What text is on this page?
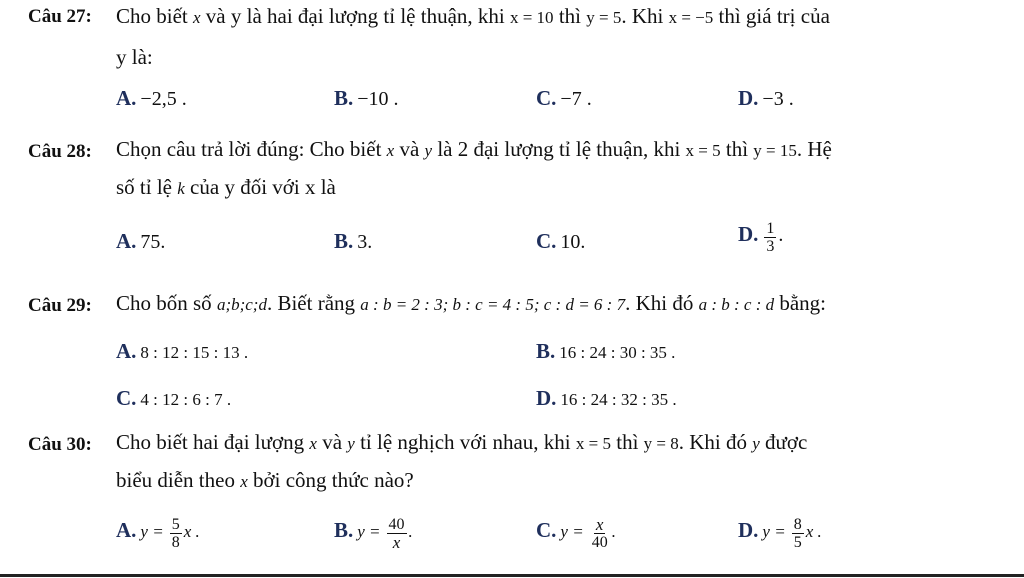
Câu 27: Cho biết x và y là hai đại lượng tỉ lệ thuận, khi x = 10 thì y = 5. Khi x = −5 thì giá trị của
y là:
A. −2,5 .	B. −10 .	C. −7 .	D. −3 .
Câu 28: Chọn câu trả lời đúng: Cho biết x và y là 2 đại lượng tỉ lệ thuận, khi x = 5 thì y = 15. Hệ
số tỉ lệ k của y đối với x là
A. 75.	B. 3.	C. 10.	D. $\frac{1}{3}$ .
Câu 29: Cho bốn số a;b;c;d. Biết rằng a : b = 2 : 3; b : c = 4 : 5; c : d = 6 : 7. Khi đó a : b : c : d bằng:
A. 8 : 12 : 15 : 13 .	B. 16 : 24 : 30 : 35 .
C. 4 : 12 : 6 : 7 .	D. 16 : 24 : 32 : 35 .
Câu 30: Cho biết hai đại lượng x và y tỉ lệ nghịch với nhau, khi x = 5 thì y = 8. Khi đó y được
biểu diễn theo x bởi công thức nào?
A. $y = \frac{5}{8}$ x .	B. $y = \frac{40}{x}$ .	C. $y = \frac{x}{40}$ .	D. $y = \frac{8}{5}$ x .
